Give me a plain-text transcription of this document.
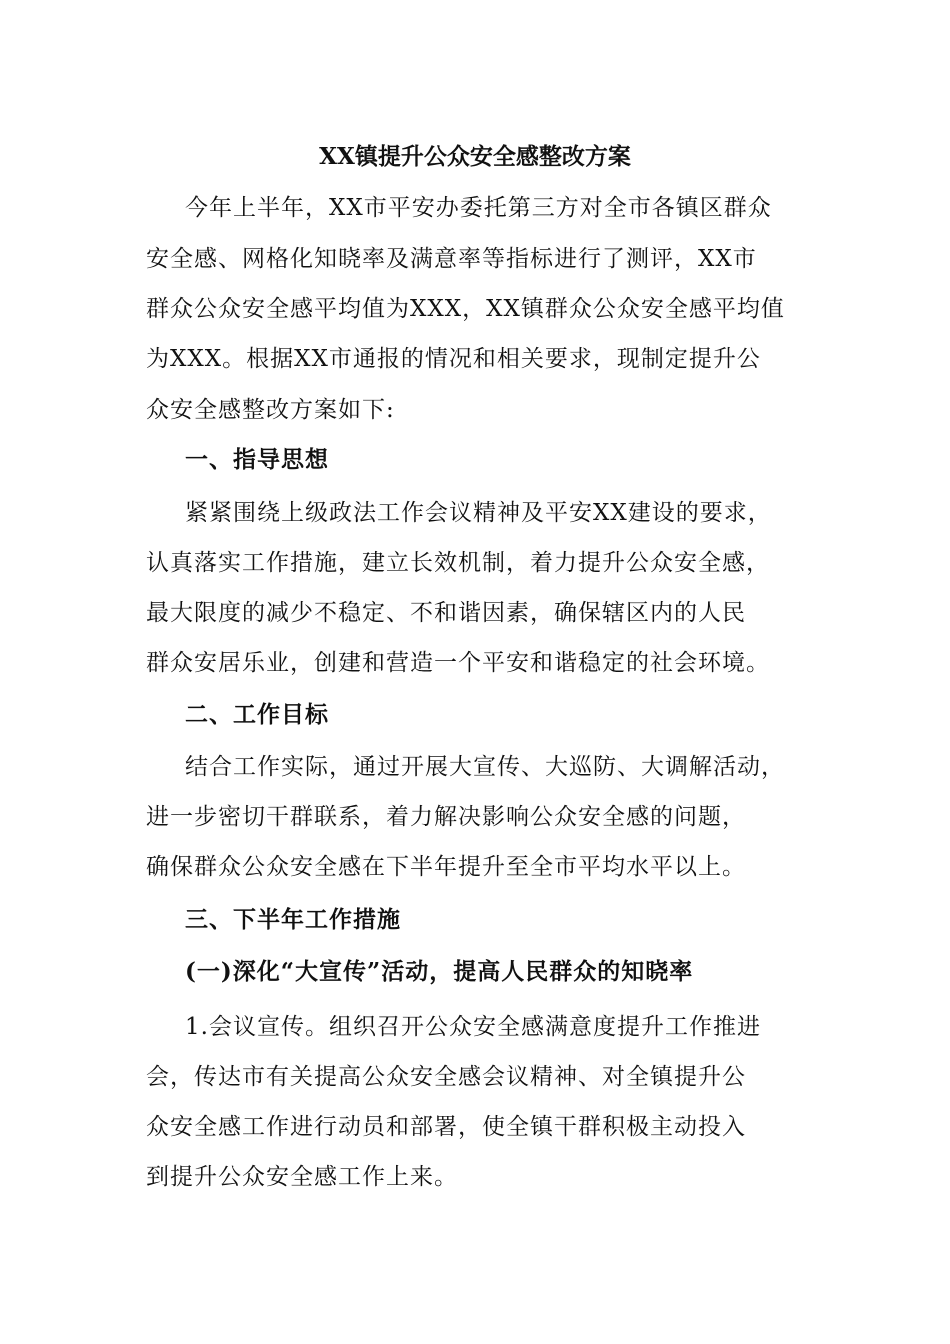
XX镇提升公众安全感整改方案
今年上半年，XX市平安办委托第三方对全市各镇区群众
安全感、网格化知晓率及满意率等指标进行了测评，XX市
群众公众安全感平均值为XXX，XX镇群众公众安全感平均值
为XXX。根据XX市通报的情况和相关要求，现制定提升公
众安全感整改方案如下:
一、指导思想
紧紧围绕上级政法工作会议精神及平安XX建设的要求，
认真落实工作措施，建立长效机制，着力提升公众安全感，
最大限度的减少不稳定、不和谐因素，确保辖区内的人民
群众安居乐业，创建和营造一个平安和谐稳定的社会环境。
二、工作目标
结合工作实际，通过开展大宣传、大巡防、大调解活动，
进一步密切干群联系，着力解决影响公众安全感的问题，
确保群众公众安全感在下半年提升至全市平均水平以上。
三、下半年工作措施
(一)深化“大宣传”活动，提高人民群众的知晓率
1.会议宣传。组织召开公众安全感满意度提升工作推进
会，传达市有关提高公众安全感会议精神、对全镇提升公
众安全感工作进行动员和部署，使全镇干群积极主动投入
到提升公众安全感工作上来。
